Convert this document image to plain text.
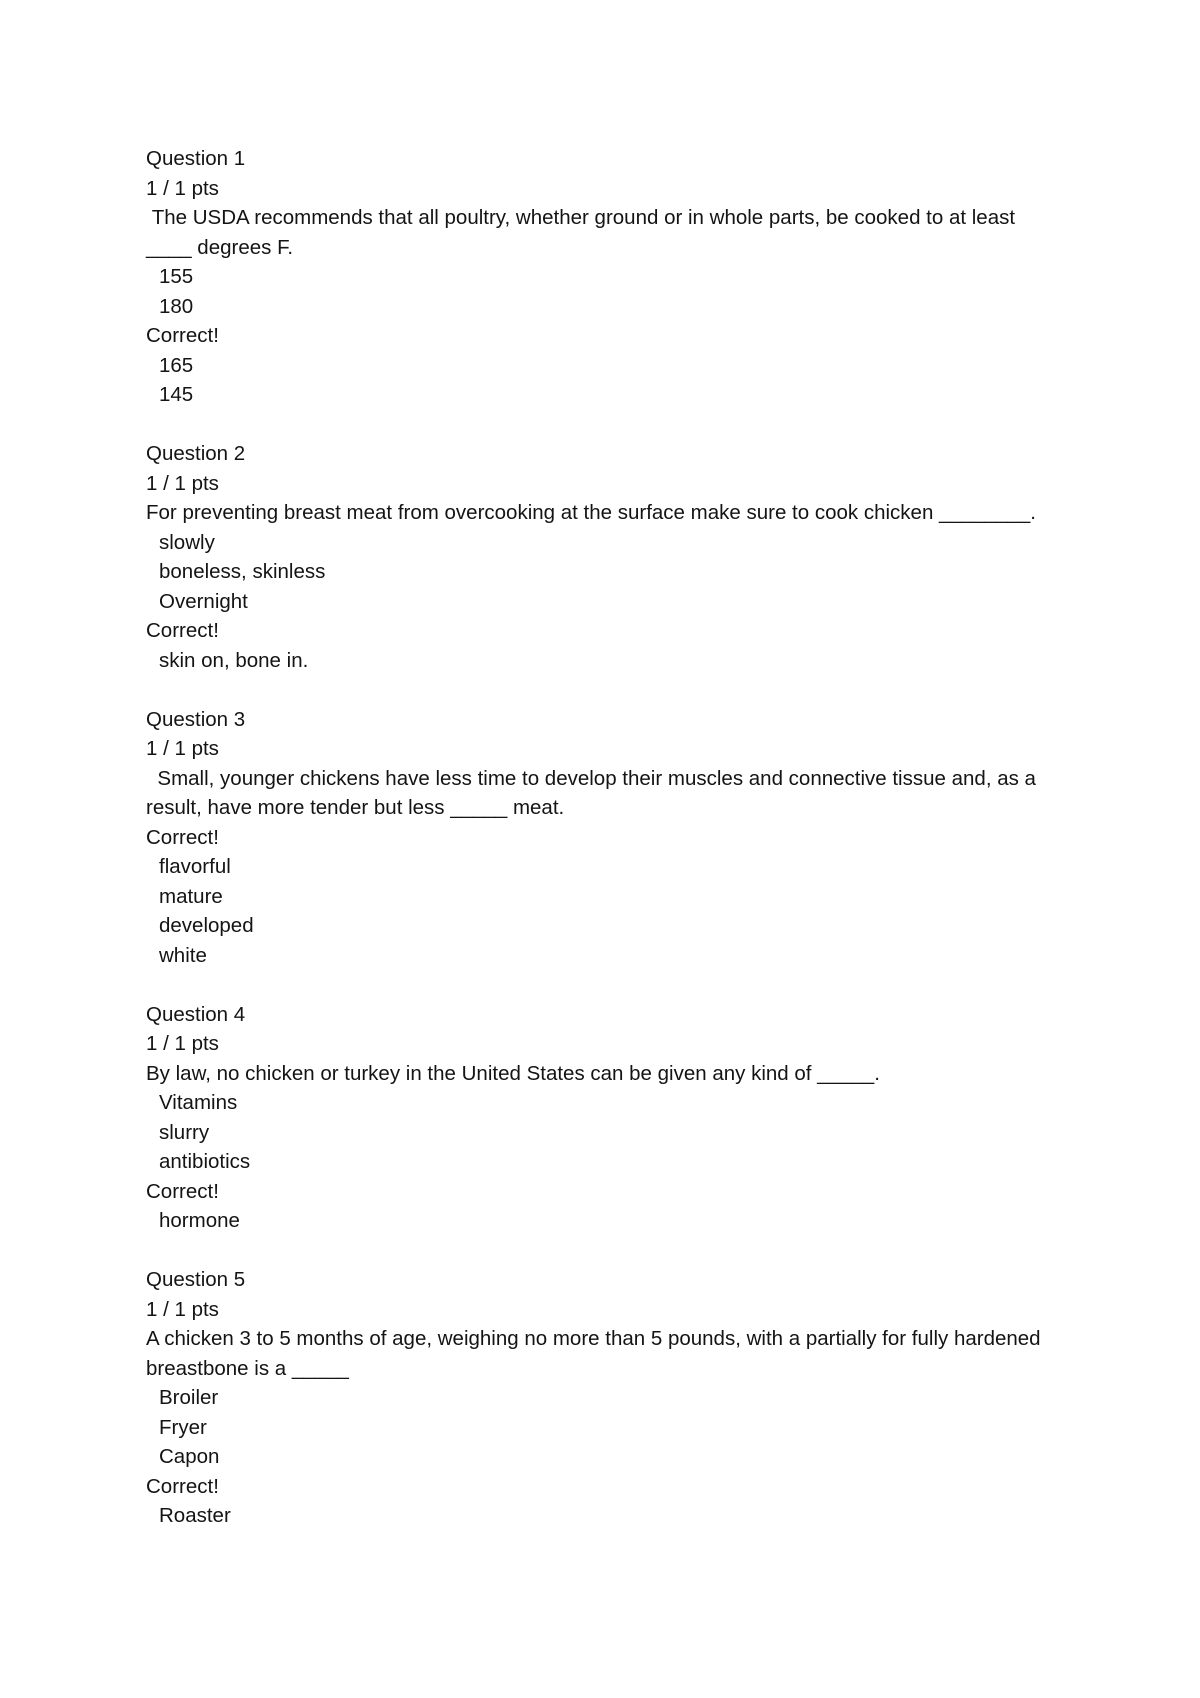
Question 1
1 / 1 pts
The USDA recommends that all poultry, whether ground or in whole parts, be cooked to at least ____ degrees F.
155
180
Correct!
165
145
Question 2
1 / 1 pts
For preventing breast meat from overcooking at the surface make sure to cook chicken ________.
slowly
boneless, skinless
Overnight
Correct!
skin on, bone in.
Question 3
1 / 1 pts
Small, younger chickens have less time to develop their muscles and connective tissue and, as a result, have more tender but less _____ meat.
Correct!
flavorful
mature
developed
white
Question 4
1 / 1 pts
By law, no chicken or turkey in the United States can be given any kind of _____.
Vitamins
slurry
antibiotics
Correct!
hormone
Question 5
1 / 1 pts
A chicken 3 to 5 months of age, weighing no more than 5 pounds, with a partially for fully hardened breastbone is a _____
Broiler
Fryer
Capon
Correct!
Roaster
